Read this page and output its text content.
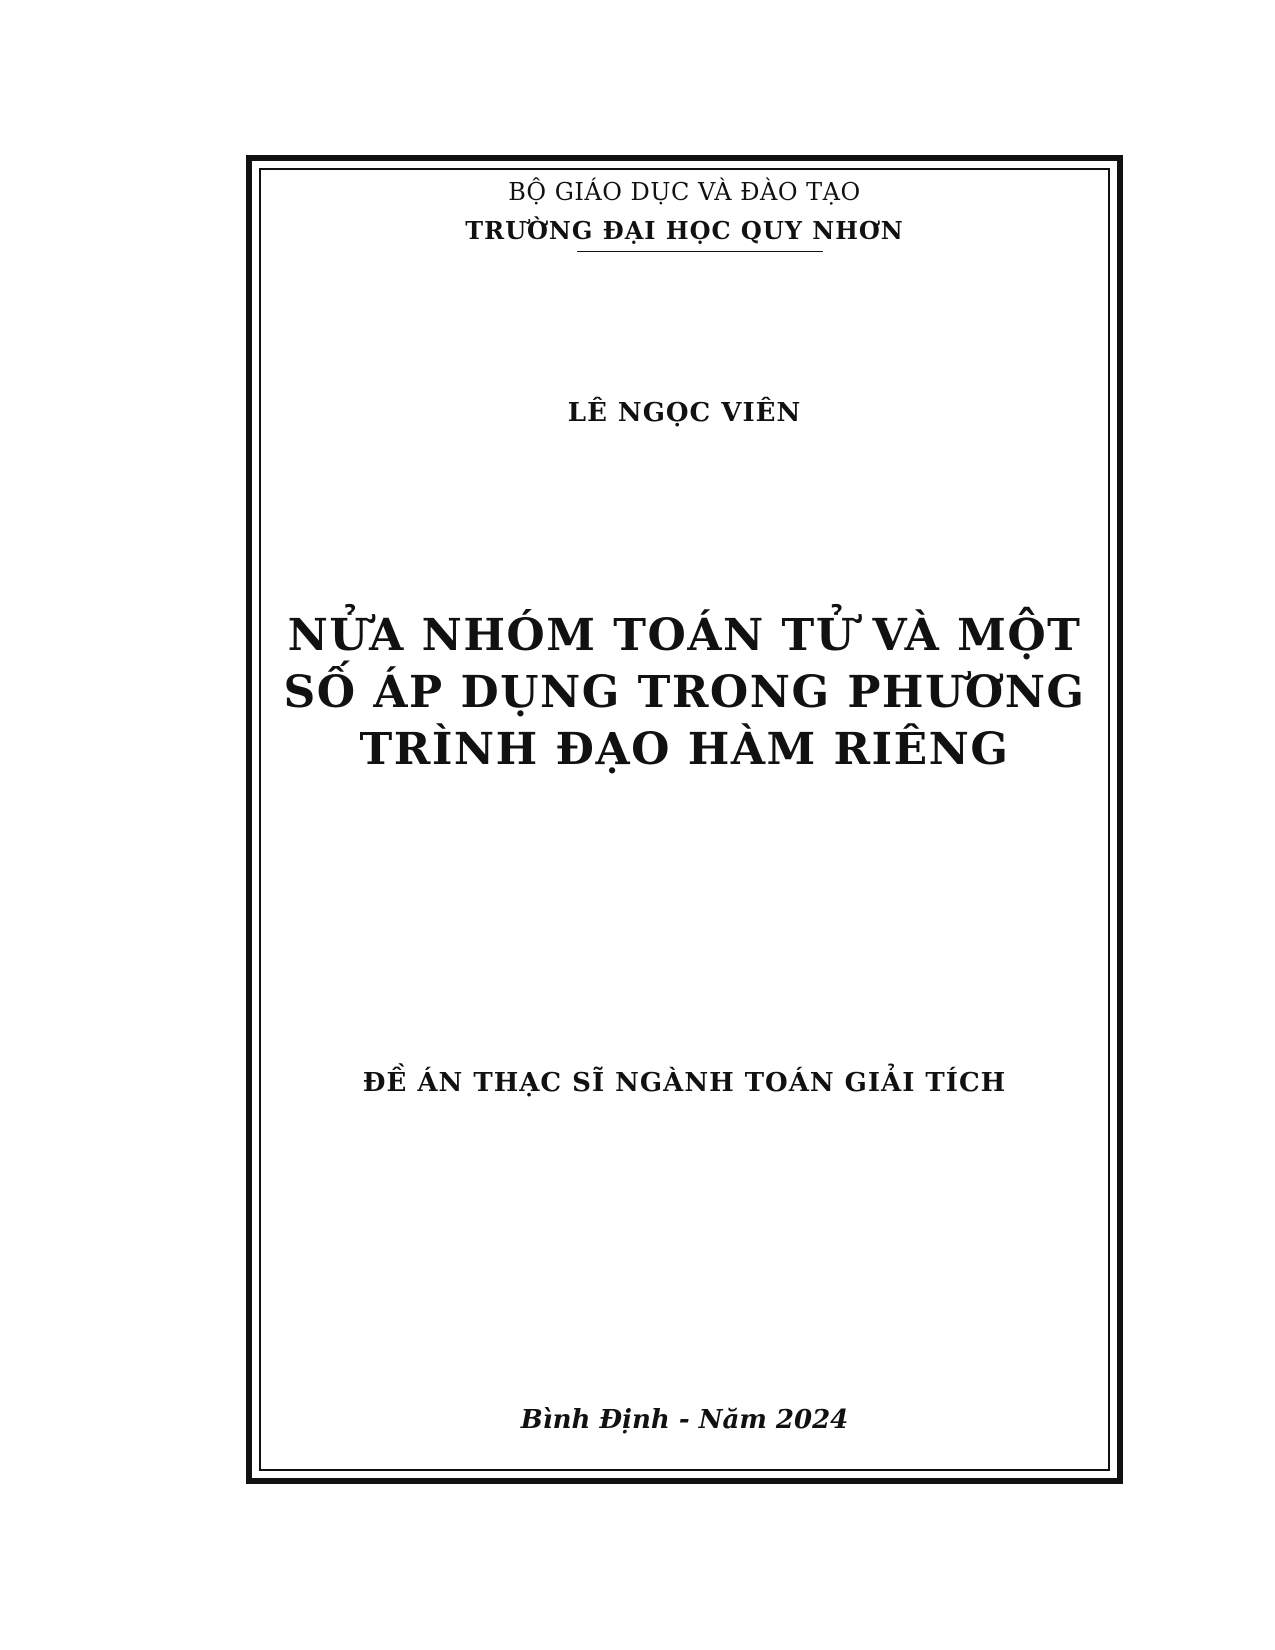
BỘ GIÁO DỤC VÀ ĐÀO TẠO
TRƯỜNG ĐẠI HỌC QUY NHƠN
LÊ NGỌC VIÊN
NỬA NHÓM TOÁN TỬ VÀ MỘT
SỐ ÁP DỤNG TRONG PHƯƠNG
TRÌNH ĐẠO HÀM RIÊNG
ĐỀ ÁN THẠC SĨ NGÀNH TOÁN GIẢI TÍCH
Bình Định - Năm 2024
